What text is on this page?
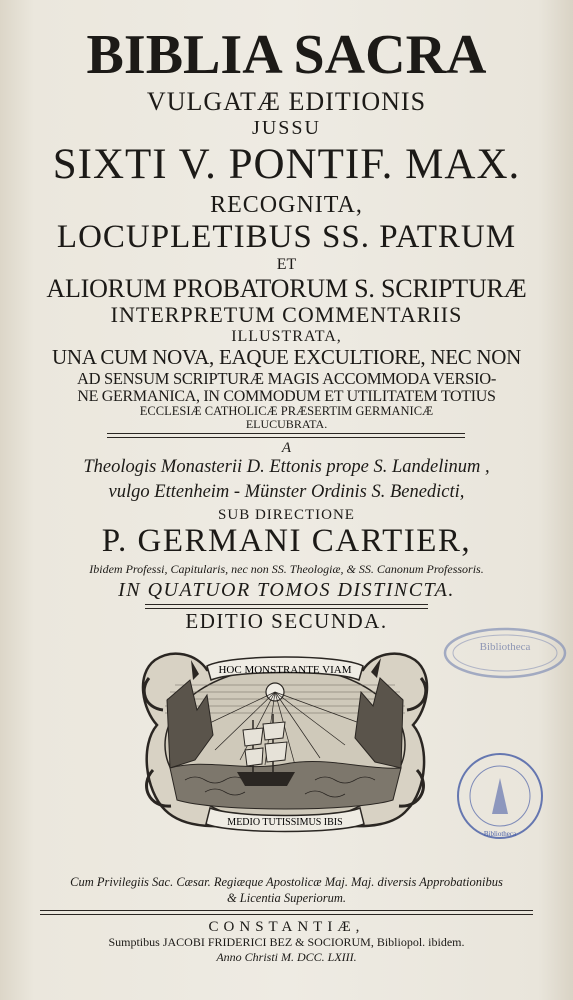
BIBLIA SACRA
VULGATÆ EDITIONIS
JUSSU
SIXTI V. PONTIF. MAX.
RECOGNITA,
LOCUPLETIBUS SS. PATRUM
ET
ALIORUM PROBATORUM S. SCRIPTURÆ
INTERPRETUM COMMENTARIIS
ILLUSTRATA,
UNA CUM NOVA, EAQUE EXCULTIORE, NEC NON
AD SENSUM SCRIPTURÆ MAGIS ACCOMMODA VERSIO-
NE GERMANICA, IN COMMODUM ET UTILITATEM TOTIUS
ECCLESIÆ CATHOLICÆ PRÆSERTIM GERMANICÆ
ELUCUBRATA.
A
Theologis Monasterii D. Ettonis prope S. Landelinum ,
vulgo Ettenheim - Münster Ordinis S. Benedicti,
SUB DIRECTIONE
P. GERMANI CARTIER,
Ibidem Professi, Capitularis, nec non SS. Theologiæ, & SS. Canonum Professoris.
IN QUATUOR TOMOS DISTINCTA.
EDITIO SECUNDA.
HOC MONSTRANTE VIAM
MEDIO TUTISSIMUS IBIS
Cum Privilegiis Sac. Cæsar. Regiæque Apostolicæ Maj. Maj. diversis Approbationibus
& Licentia Superiorum.
CONSTANTIÆ,
Sumptibus JACOBI FRIDERICI BEZ & SOCIORUM, Bibliopol. ibidem.
Anno Christi M. DCC. LXIII.
Bibliotheca
Bibliotheca
